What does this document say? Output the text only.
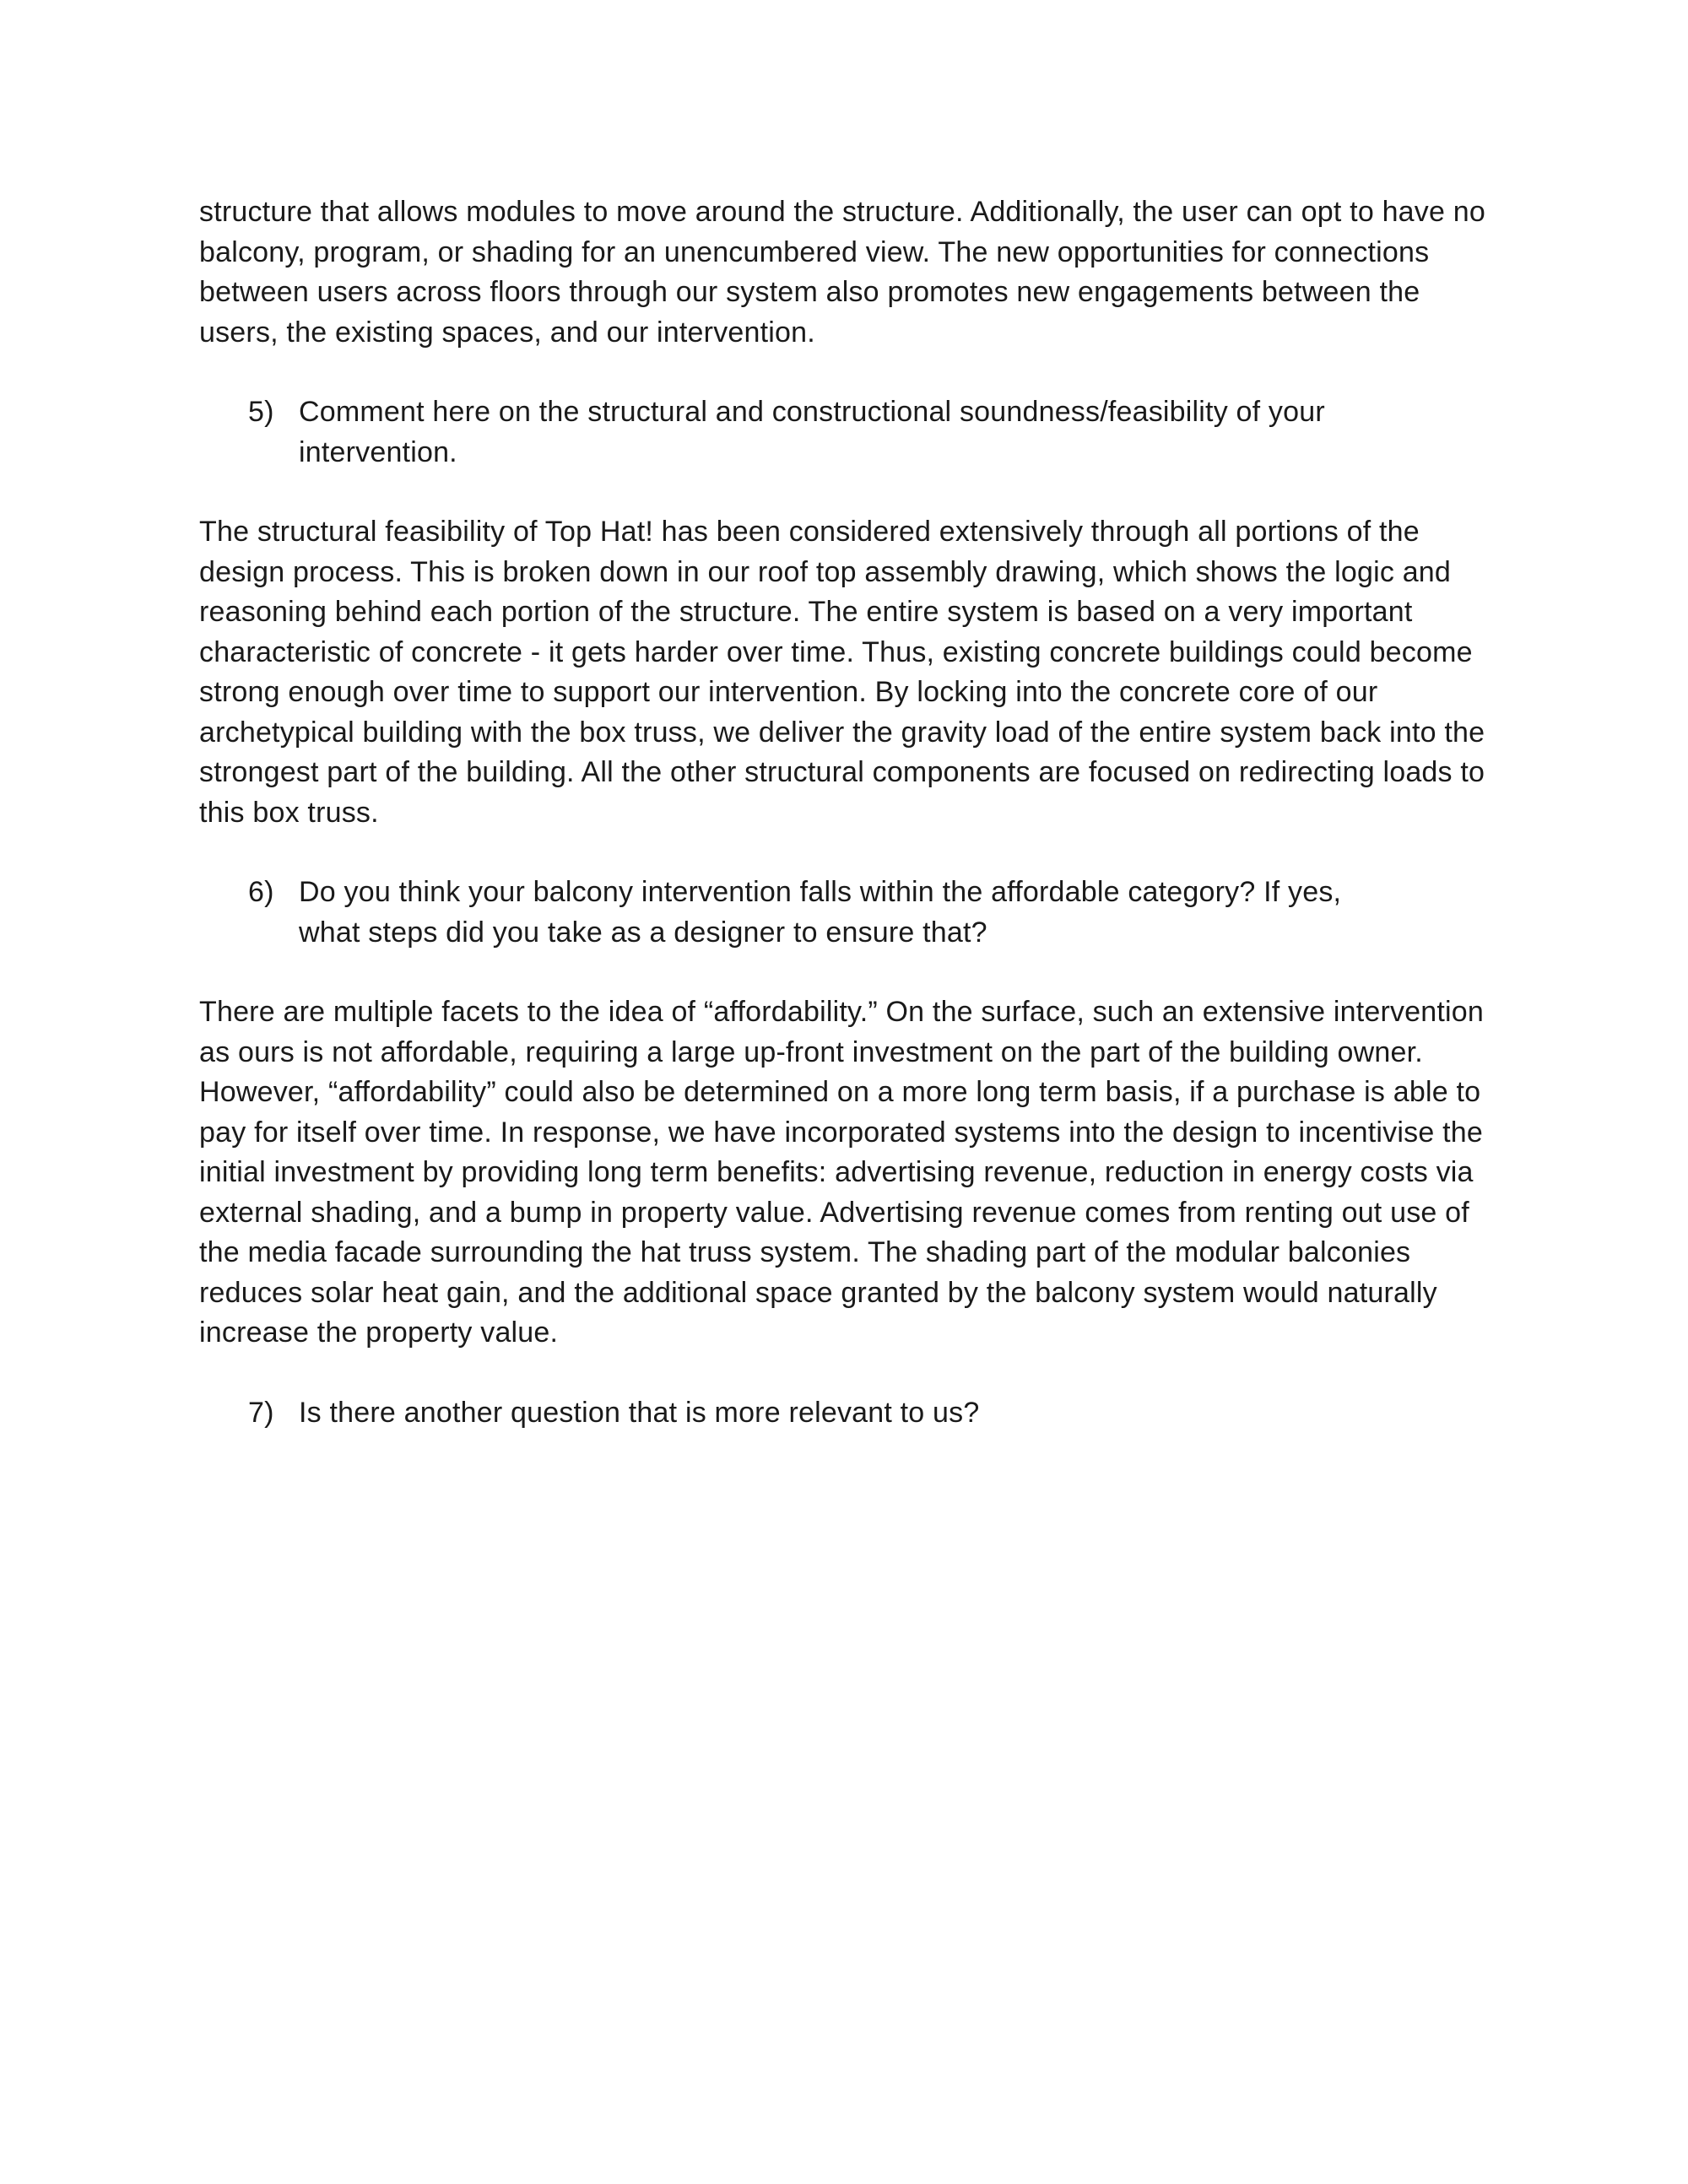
structure that allows modules to move around the structure. Additionally, the user can opt to have no balcony, program, or shading for an unencumbered view. The new opportunities for connections between users across floors through our system also promotes new engagements between the users, the existing spaces, and our intervention.

5) Comment here on the structural and constructional soundness/feasibility of your intervention.

The structural feasibility of Top Hat! has been considered extensively through all portions of the design process. This is broken down in our roof top assembly drawing, which shows the logic and reasoning behind each portion of the structure. The entire system is based on a very important characteristic of concrete - it gets harder over time. Thus, existing concrete buildings could become strong enough over time to support our intervention. By locking into the concrete core of our archetypical building with the box truss, we deliver the gravity load of the entire system back into the strongest part of the building. All the other structural components are focused on redirecting loads to this box truss.

6) Do you think your balcony intervention falls within the affordable category? If yes, what steps did you take as a designer to ensure that?

There are multiple facets to the idea of “affordability.” On the surface, such an extensive intervention as ours is not affordable, requiring a large up-front investment on the part of the building owner. However, “affordability” could also be determined on a more long term basis, if a purchase is able to pay for itself over time. In response, we have incorporated systems into the design to incentivise the initial investment by providing long term benefits: advertising revenue, reduction in energy costs via external shading, and a bump in property value. Advertising revenue comes from renting out use of the media facade surrounding the hat truss system. The shading part of the modular balconies reduces solar heat gain, and the additional space granted by the balcony system would naturally increase the property value.

7) Is there another question that is more relevant to us?
